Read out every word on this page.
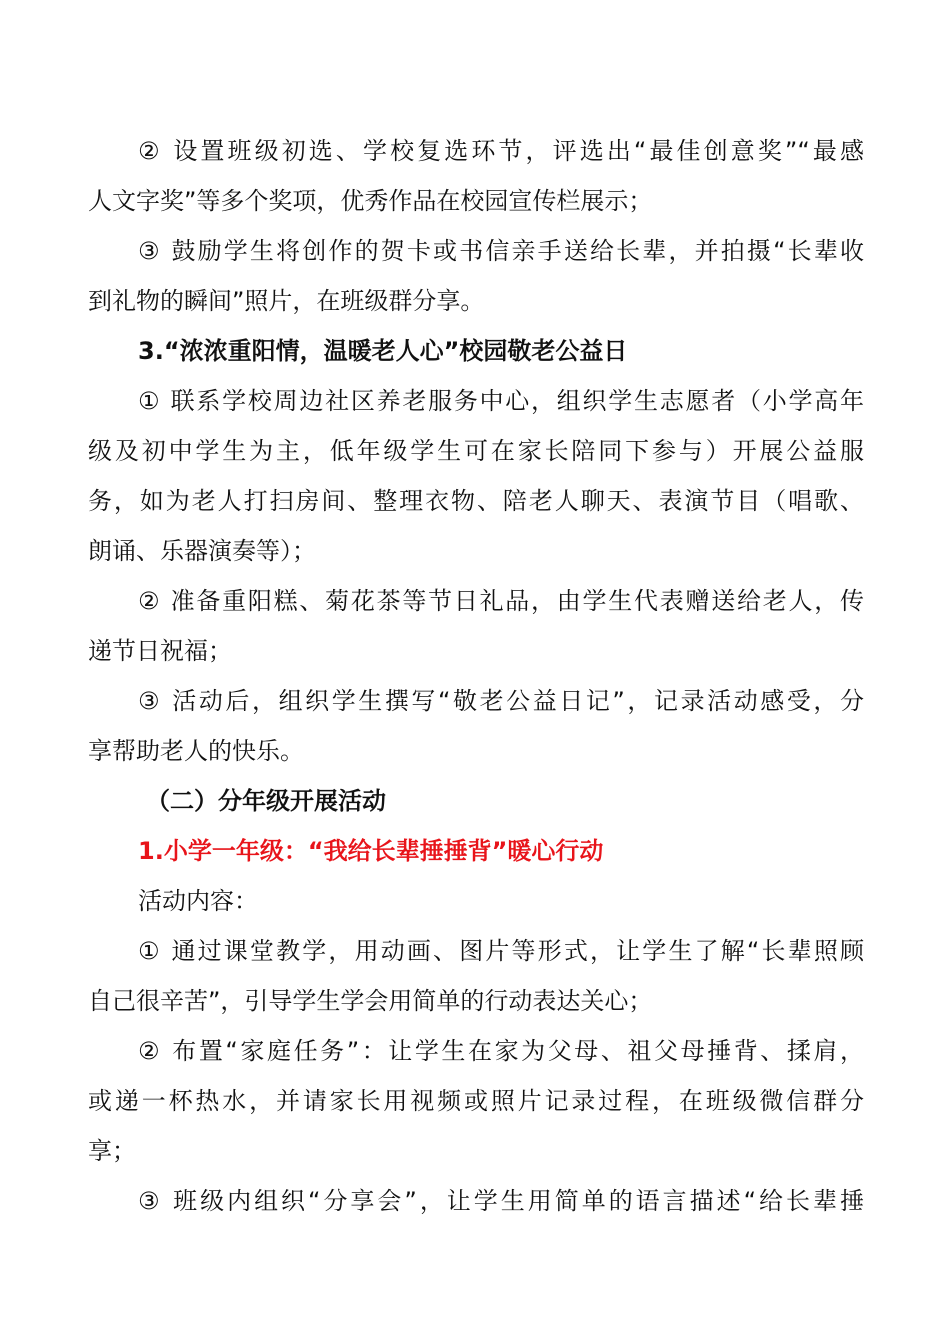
② 设置班级初选、学校复选环节，评选出“最佳创意奖”“最感
人文字奖”等多个奖项，优秀作品在校园宣传栏展示；
③ 鼓励学生将创作的贺卡或书信亲手送给长辈，并拍摄“长辈收
到礼物的瞬间”照片，在班级群分享。
3.“浓浓重阳情，温暖老人心”校园敬老公益日
① 联系学校周边社区养老服务中心，组织学生志愿者（小学高年
级及初中学生为主，低年级学生可在家长陪同下参与）开展公益服
务，如为老人打扫房间、整理衣物、陪老人聊天、表演节目（唱歌、
朗诵、乐器演奏等）；
② 准备重阳糕、菊花茶等节日礼品，由学生代表赠送给老人，传
递节日祝福；
③ 活动后，组织学生撰写“敬老公益日记”，记录活动感受，分
享帮助老人的快乐。
（二）分年级开展活动
1.小学一年级：“我给长辈捶捶背”暖心行动
活动内容：
① 通过课堂教学，用动画、图片等形式，让学生了解“长辈照顾
自己很辛苦”，引导学生学会用简单的行动表达关心；
② 布置“家庭任务”：让学生在家为父母、祖父母捶背、揉肩，
或递一杯热水，并请家长用视频或照片记录过程，在班级微信群分
享；
③ 班级内组织“分享会”，让学生用简单的语言描述“给长辈捶
